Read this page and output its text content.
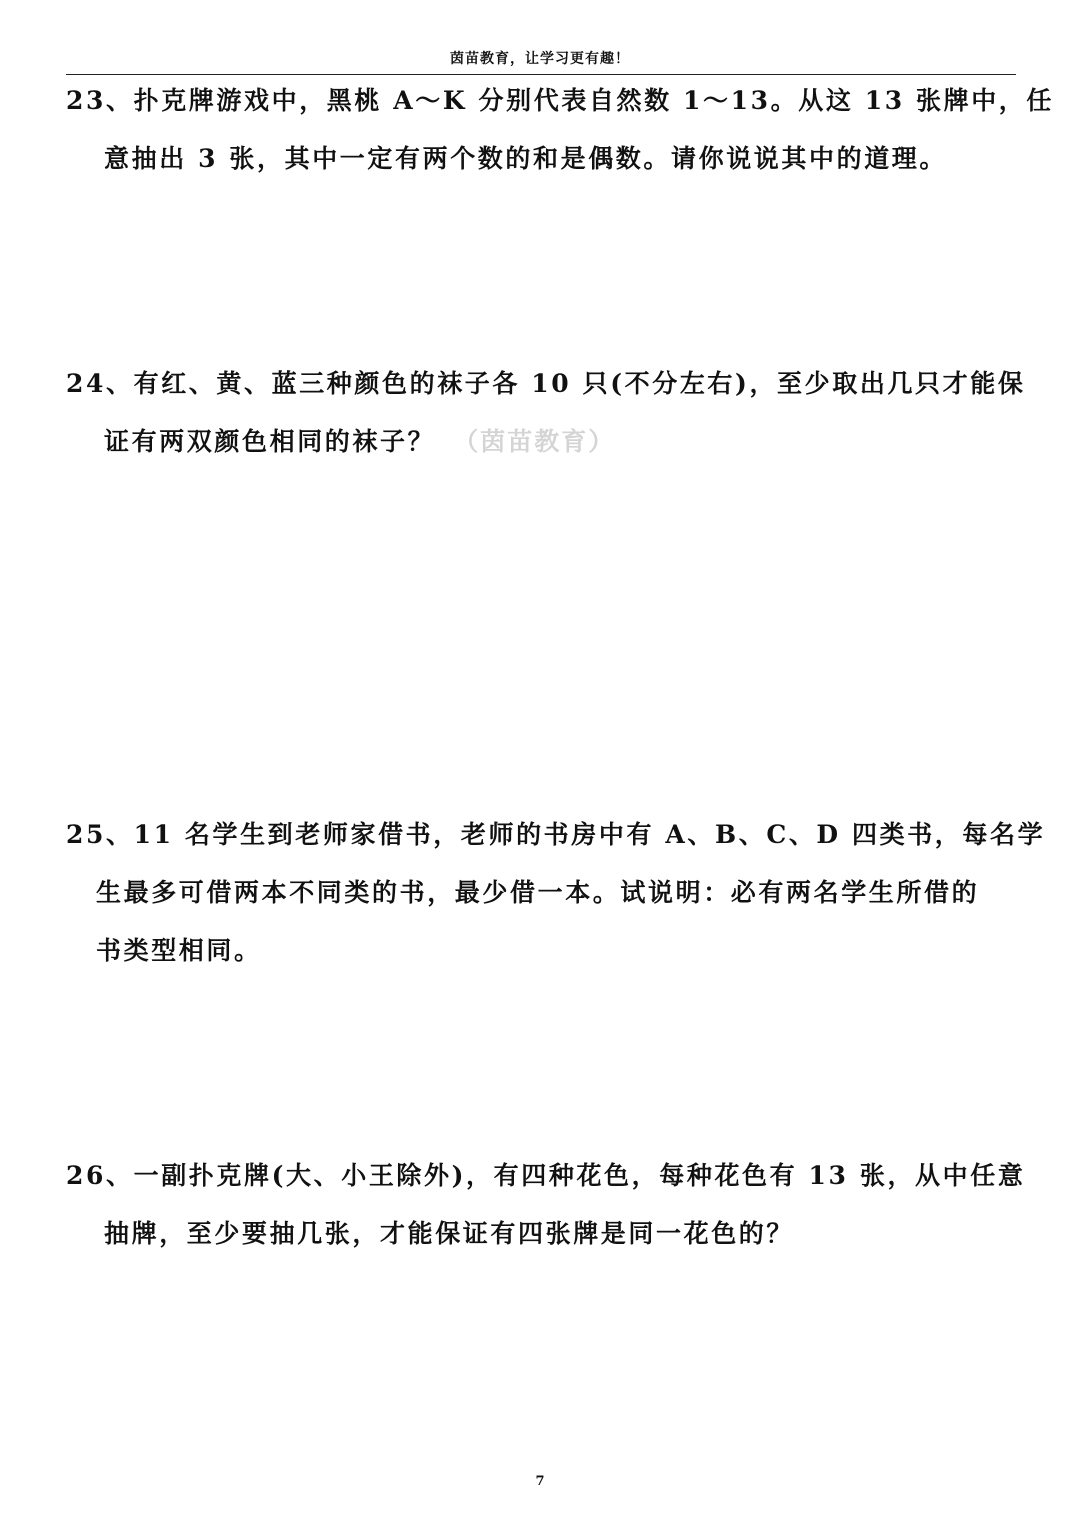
茵苗教育，让学习更有趣！
23、扑克牌游戏中，黑桃 A～K 分别代表自然数 1～13。从这 13 张牌中，任
意抽出 3 张，其中一定有两个数的和是偶数。请你说说其中的道理。
24、有红、黄、蓝三种颜色的袜子各 10 只(不分左右)，至少取出几只才能保
证有两双颜色相同的袜子？ （茵苗教育）
25、11 名学生到老师家借书，老师的书房中有 A、B、C、D 四类书，每名学
生最多可借两本不同类的书，最少借一本。试说明：必有两名学生所借的
书类型相同。
26、一副扑克牌(大、小王除外)，有四种花色，每种花色有 13 张，从中任意
抽牌，至少要抽几张，才能保证有四张牌是同一花色的？
7
